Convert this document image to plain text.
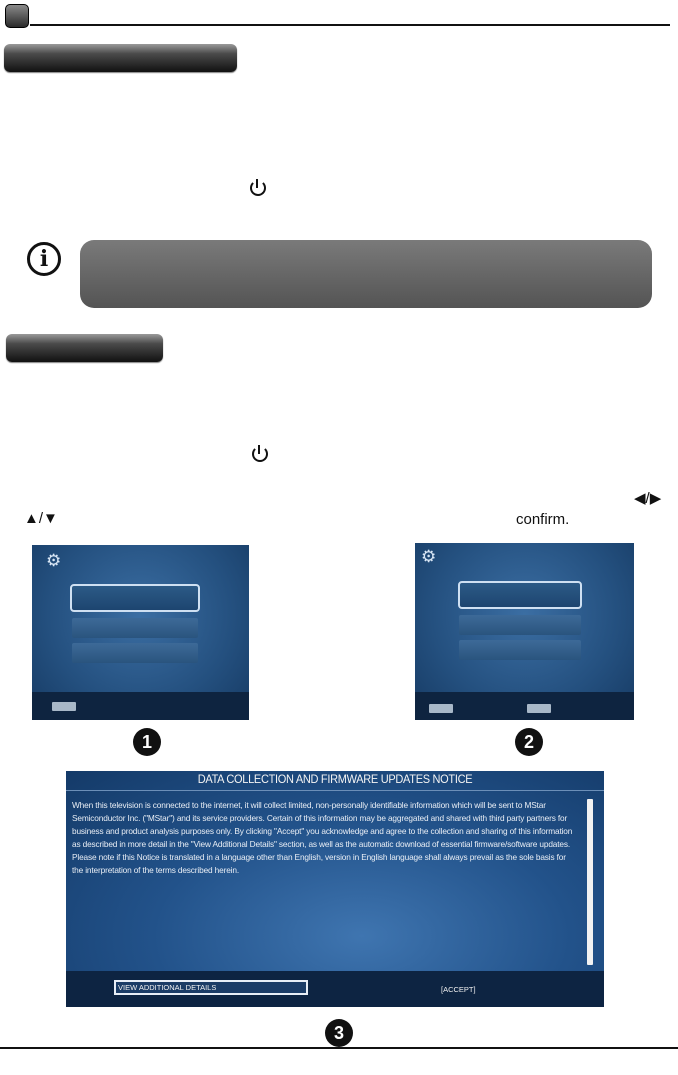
i
◀/▶
▲/▼	confirm.
⚙	⚙
1	2
DATA COLLECTION AND FIRMWARE UPDATES NOTICE
When this television is connected to the internet, it will collect limited, non-personally identifiable information which will be sent to MStar Semiconductor Inc. ("MStar") and its service providers. Certain of this information may be aggregated and shared with third party partners for business and product analysis purposes only. By clicking "Accept" you acknowledge and agree to the collection and sharing of this information as described in more detail in the "View Additional Details" section, as well as the automatic download of essential firmware/software updates. Please note if this Notice is translated in a language other than English, version in English language shall always prevail as the sole basis for the interpretation of the terms described herein.
VIEW ADDITIONAL DETAILS	[ACCEPT]
3
